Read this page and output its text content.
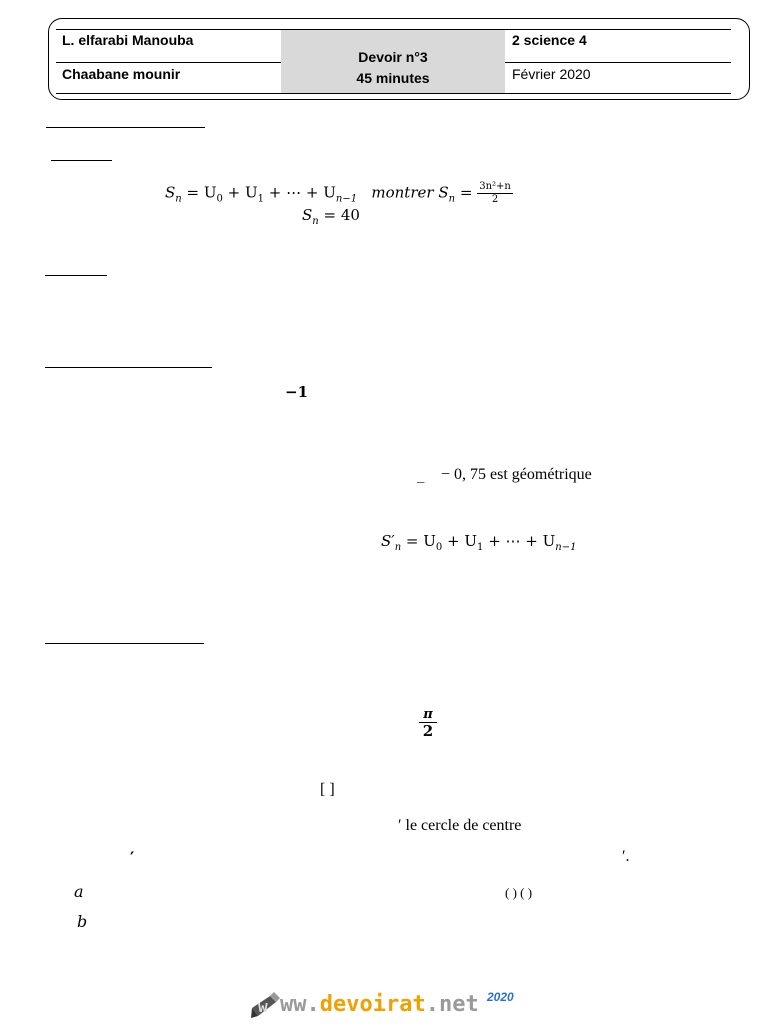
L. elfarabi Manouba
Chaabane mounir
Devoir n°3
45 minutes
2 science 4
Février 2020
$S_n = U_0 + U_1$ + ⋯ + $U_{n-1}$ montrer $S_n = \frac{\text{3n²+n}}{2}$
$S_n = 40$
−1
_ − 0, 75 est géométrique
$S'_n = U_0 + U_1$ + ⋯ + $U_{n-1}$
π
2
[ ]
′ le cercle de centre
′	′.
a	( ) ( )
b
w ww.devoirat.net 2020
